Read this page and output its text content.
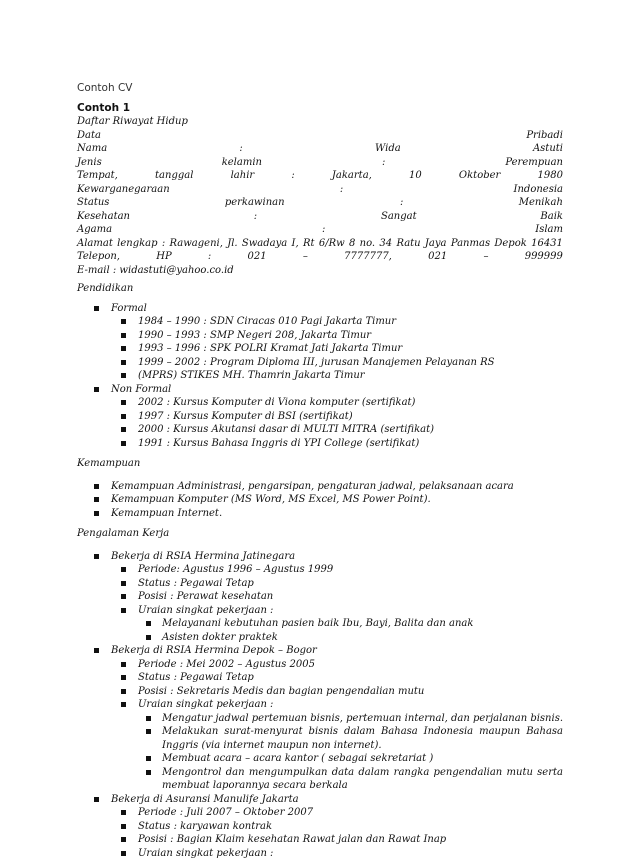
Contoh CV
Contoh 1
Daftar Riwayat Hidup
Data	Pribadi
Nama	:	Wida	Astuti
Jenis	kelamin	:	Perempuan
Tempat,	tanggal	lahir	:	Jakarta,	10	Oktober	1980
Kewarganegaraan	:	Indonesia
Status	perkawinan	:	Menikah
Kesehatan	:	Sangat	Baik
Agama	:	Islam
Alamat lengkap : Rawageni, Jl. Swadaya I, Rt 6/Rw 8 no. 34 Ratu Jaya Panmas Depok 16431
Telepon,	HP	:	021	–	7777777,	021	–	999999
E-mail : widastuti@yahoo.co.id
Pendidikan
Formal
1984 – 1990 : SDN Ciracas 010 Pagi Jakarta Timur
1990 – 1993 : SMP Negeri 208, Jakarta Timur
1993 – 1996 : SPK POLRI Kramat Jati Jakarta Timur
1999 – 2002 : Program Diploma III, jurusan Manajemen Pelayanan RS
(MPRS) STIKES MH. Thamrin Jakarta Timur
Non Formal
2002 : Kursus Komputer di Viona komputer (sertifikat)
1997 : Kursus Komputer di BSI (sertifikat)
2000 : Kursus Akutansi dasar di MULTI MITRA (sertifikat)
1991 : Kursus Bahasa Inggris di YPI College (sertifikat)
Kemampuan
Kemampuan Administrasi, pengarsipan, pengaturan jadwal, pelaksanaan acara
Kemampuan Komputer (MS Word, MS Excel, MS Power Point).
Kemampuan Internet.
Pengalaman Kerja
Bekerja di RSIA Hermina Jatinegara
Periode: Agustus 1996 – Agustus 1999
Status : Pegawai Tetap
Posisi : Perawat kesehatan
Uraian singkat pekerjaan :
Melayanani kebutuhan pasien baik Ibu, Bayi, Balita dan anak
Asisten dokter praktek
Bekerja di RSIA Hermina Depok – Bogor
Periode : Mei 2002 – Agustus 2005
Status : Pegawai Tetap
Posisi : Sekretaris Medis dan bagian pengendalian mutu
Uraian singkat pekerjaan :
Mengatur jadwal pertemuan bisnis, pertemuan internal, dan perjalanan bisnis.
Melakukan surat-menyurat bisnis dalam Bahasa Indonesia maupun Bahasa Inggris (via internet maupun non internet).
Membuat acara – acara kantor ( sebagai sekretariat )
Mengontrol dan mengumpulkan data dalam rangka pengendalian mutu serta membuat laporannya secara berkala
Bekerja di Asuransi Manulife Jakarta
Periode : Juli 2007 – Oktober 2007
Status : karyawan kontrak
Posisi : Bagian Klaim kesehatan Rawat jalan dan Rawat Inap
Uraian singkat pekerjaan :
